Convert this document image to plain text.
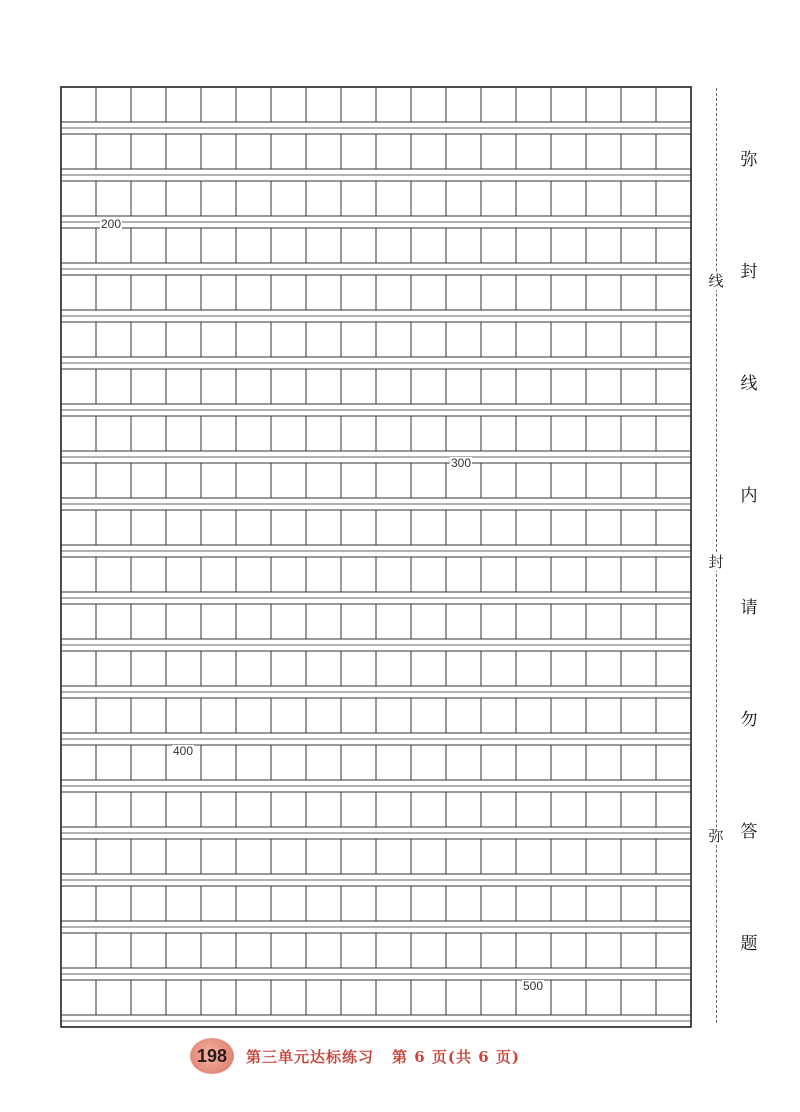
200
300
400
500
线
封
弥
弥
封
线
内
请
勿
答
题
198 第三单元达标练习 第 6 页(共 6 页)
